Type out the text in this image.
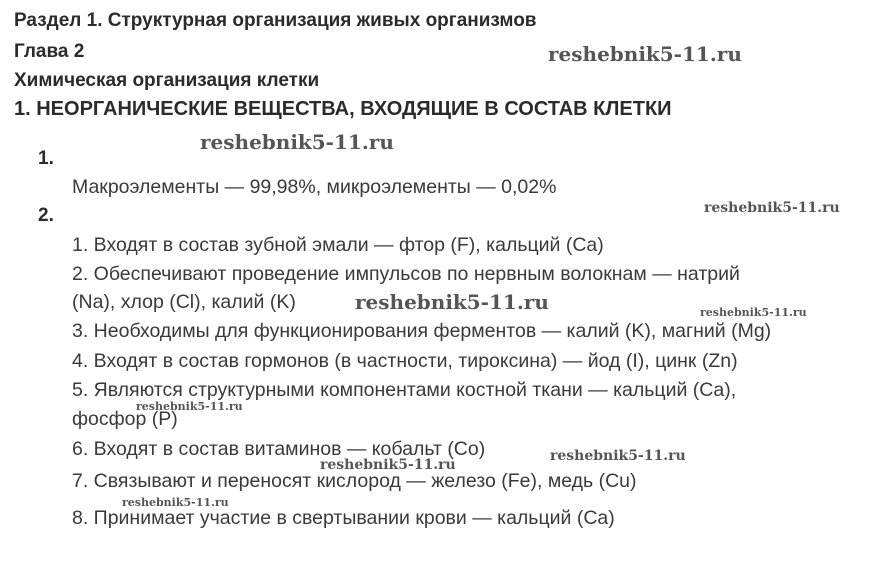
Раздел 1. Структурная организация живых организмов
Глава 2
Химическая организация клетки
1. НЕОРГАНИЧЕСКИЕ ВЕЩЕСТВА, ВХОДЯЩИЕ В СОСТАВ КЛЕТКИ
1.
Макроэлементы — 99,98%, микроэлементы — 0,02%
2.
1. Входят в состав зубной эмали — фтор (F), кальций (Ca)
2. Обеспечивают проведение импульсов по нервным волокнам — натрий
(Na), хлор (Cl), калий (K)
3. Необходимы для функционирования ферментов — калий (K), магний (Mg)
4. Входят в состав гормонов (в частности, тироксина) — йод (I), цинк (Zn)
5. Являются структурными компонентами костной ткани — кальций (Ca),
фосфор (P)
6. Входят в состав витаминов — кобальт (Co)
7. Связывают и переносят кислород — железо (Fe), медь (Cu)
8. Принимает участие в свертывании крови — кальций (Ca)
reshebnik5-11.ru
reshebnik5-11.ru
reshebnik5-11.ru
reshebnik5-11.ru	reshebnik5-11.ru
reshebnik5-11.ru
reshebnik5-11.ru
reshebnik5-11.ru
reshebnik5-11.ru
